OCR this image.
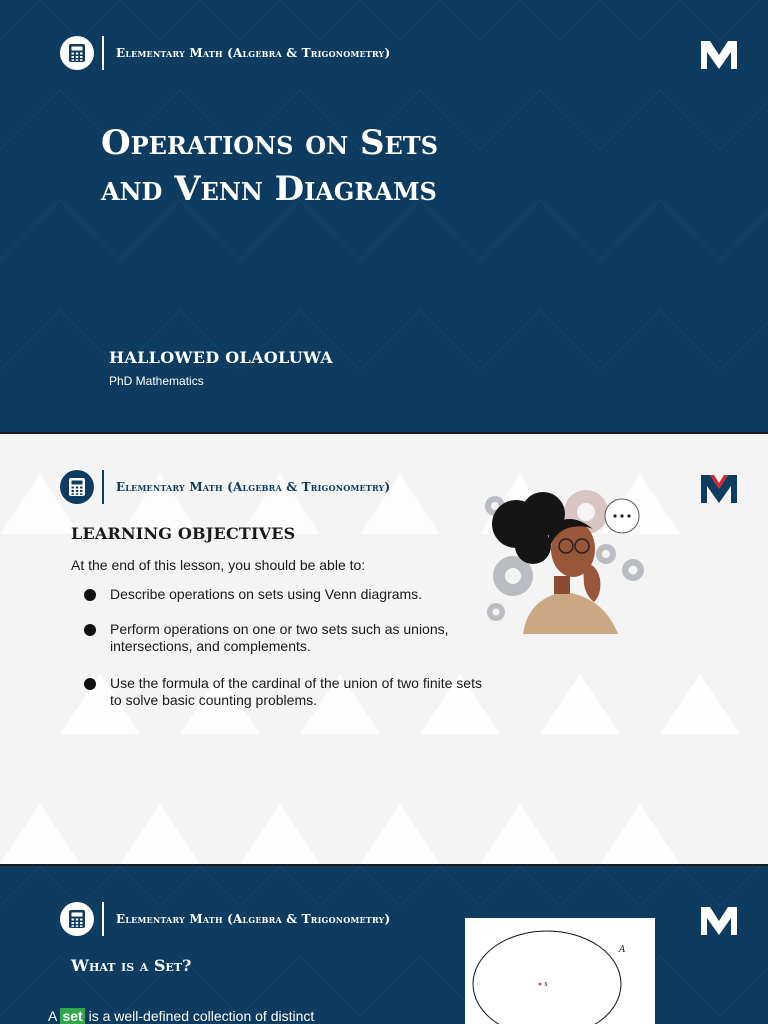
Elementary Math (Algebra & Trigonometry)
Operations on Sets
and Venn Diagrams
HALLOWED OLAOLUWA
PhD Mathematics
Elementary Math (Algebra & Trigonometry)
LEARNING OBJECTIVES
At the end of this lesson, you should be able to:
Describe operations on sets using Venn diagrams.
Perform operations on one or two sets such as unions,
intersections, and complements.
Use the formula of the cardinal of the union of two finite sets
to solve basic counting problems.
Elementary Math (Algebra & Trigonometry)
What is a Set?
A set is a well-defined collection of distinct
A
x
